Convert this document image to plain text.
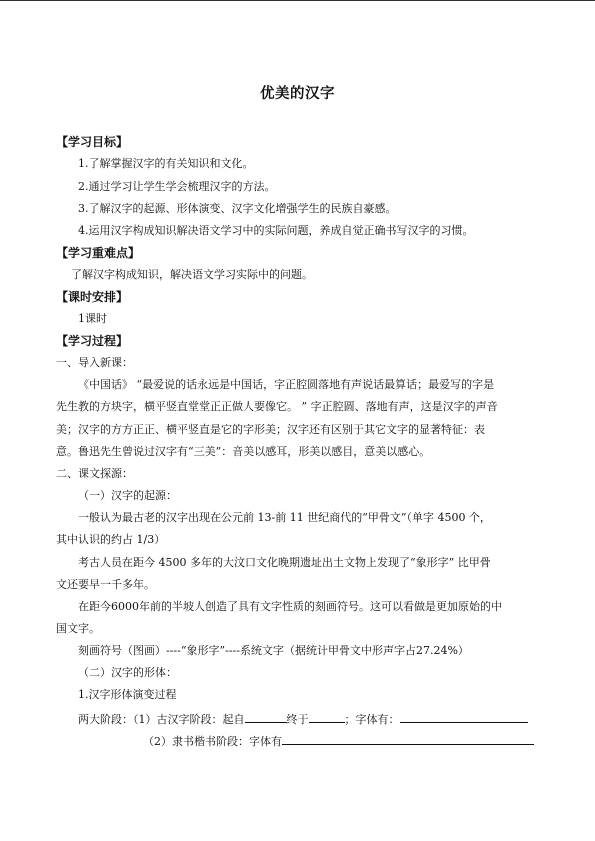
优美的汉字
【学习目标】
1.了解掌握汉字的有关知识和文化。
2.通过学习让学生学会梳理汉字的方法。
3.了解汉字的起源、形体演变、汉字文化增强学生的民族自豪感。
4.运用汉字构成知识解决语文学习中的实际问题，养成自觉正确书写汉字的习惯。
【学习重难点】
了解汉字构成知识，解决语文学习实际中的问题。
【课时安排】
1课时
【学习过程】
一、导入新课：
《中国话》 “最爱说的话永远是中国话，字正腔圆落地有声说话最算话；最爱写的字是
先生教的方块字，横平竖直堂堂正正做人要像它。 ” 字正腔圆、落地有声，这是汉字的声音
美；汉字的方方正正、横平竖直是它的字形美；汉字还有区别于其它文字的显著特征：表
意。鲁迅先生曾说过汉字有“三美”：音美以感耳，形美以感目，意美以感心。
二、课文探源：
（一）汉字的起源：
一般认为最古老的汉字出现在公元前 13-前 11 世纪商代的“甲骨文”（单字 4500 个，
其中认识的约占 1/3）
考古人员在距今 4500 多年的大汶口文化晚期遗址出土文物上发现了“象形字” 比甲骨
文还要早一千多年。
在距今6000年前的半坡人创造了具有文字性质的刻画符号。这可以看做是更加原始的中
国文字。
刻画符号（图画）----“象形字”----系统文字（据统计甲骨文中形声字占27.24%）
（二）汉字的形体：
1.汉字形体演变过程
两大阶段：（1）古汉字阶段：起自	终于	；字体有：
（2）隶书楷书阶段：字体有
